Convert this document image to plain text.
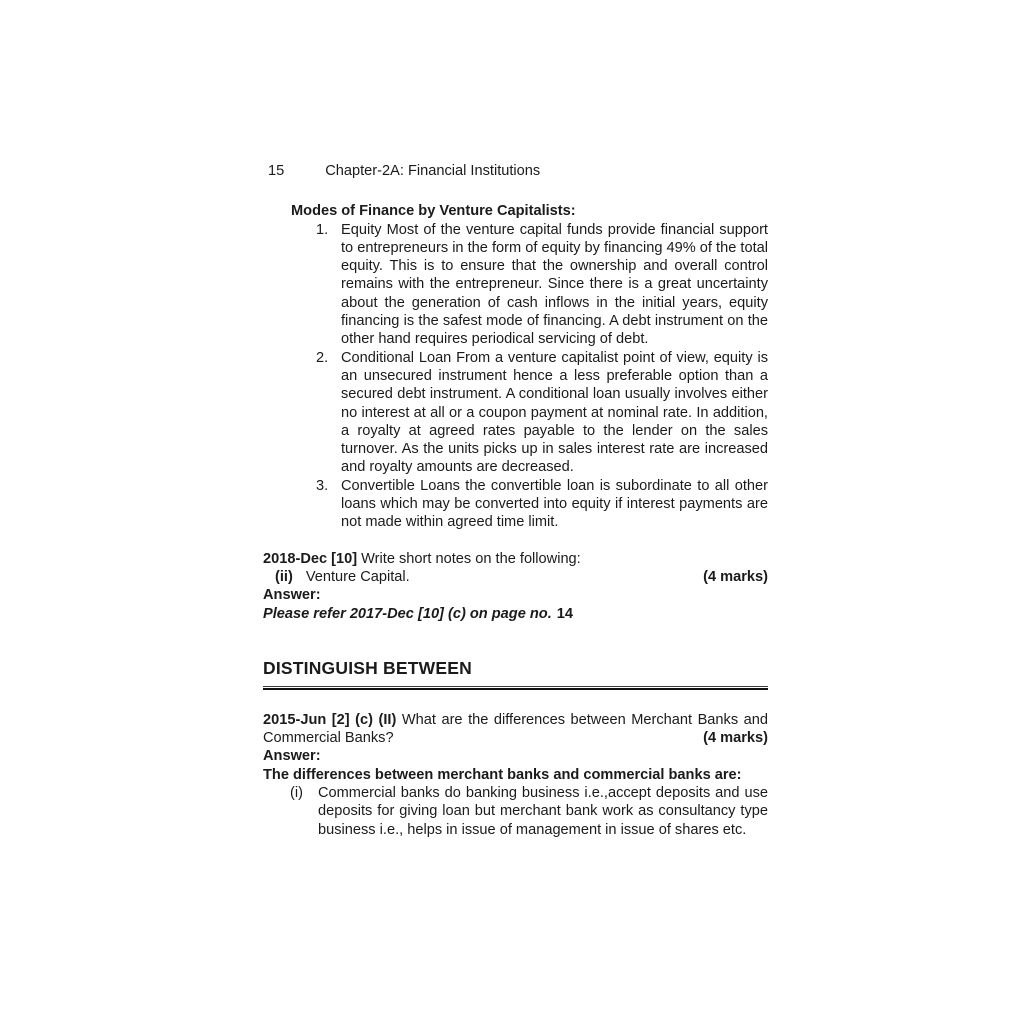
15	Chapter-2A: Financial Institutions
Modes of Finance by Venture Capitalists:
1. Equity Most of the venture capital funds provide financial support to entrepreneurs in the form of equity by financing 49% of the total equity. This is to ensure that the ownership and overall control remains with the entrepreneur. Since there is a great uncertainty about the generation of cash inflows in the initial years, equity financing is the safest mode of financing. A debt instrument on the other hand requires periodical servicing of debt.
2. Conditional Loan From a venture capitalist point of view, equity is an unsecured instrument hence a less preferable option than a secured debt instrument. A conditional loan usually involves either no interest at all or a coupon payment at nominal rate. In addition, a royalty at agreed rates payable to the lender on the sales turnover. As the units picks up in sales interest rate are increased and royalty amounts are decreased.
3. Convertible Loans the convertible loan is subordinate to all other loans which may be converted into equity if interest payments are not made within agreed time limit.
2018-Dec [10] Write short notes on the following:
(ii) Venture Capital.	(4 marks)
Answer:
Please refer 2017-Dec [10] (c) on page no. 14
DISTINGUISH BETWEEN
2015-Jun [2] (c) (II) What are the differences between Merchant Banks and Commercial Banks?	(4 marks)
Answer:
The differences between merchant banks and commercial banks are:
(i)	Commercial banks do banking business i.e.,accept deposits and use deposits for giving loan but merchant bank work as consultancy type business i.e., helps in issue of management in issue of shares etc.
